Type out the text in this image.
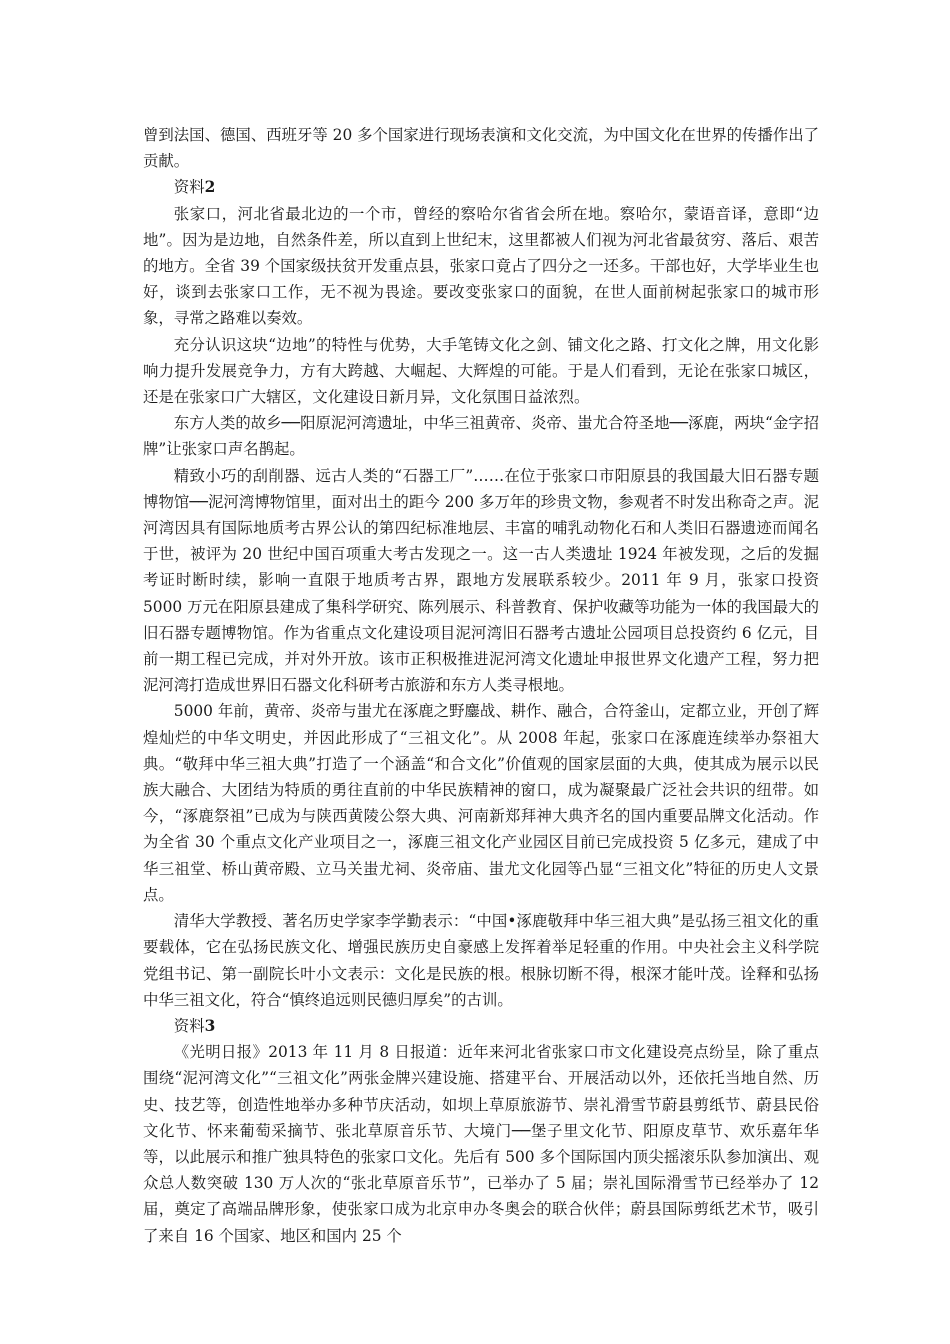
曾到法国、德国、西班牙等 20 多个国家进行现场表演和文化交流，为中国文化在世界的传播作出了贡献。

资料2

张家口，河北省最北边的一个市，曾经的察哈尔省省会所在地。察哈尔，蒙语音译，意即“边地”。因为是边地，自然条件差，所以直到上世纪末，这里都被人们视为河北省最贫穷、落后、艰苦的地方。全省 39 个国家级扶贫开发重点县，张家口竟占了四分之一还多。干部也好，大学毕业生也好，谈到去张家口工作，无不视为畏途。要改变张家口的面貌，在世人面前树起张家口的城市形象，寻常之路难以奏效。

充分认识这块“边地”的特性与优势，大手笔铸文化之剑、铺文化之路、打文化之牌，用文化影响力提升发展竞争力，方有大跨越、大崛起、大辉煌的可能。于是人们看到，无论在张家口城区，还是在张家口广大辖区，文化建设日新月异，文化氛围日益浓烈。

东方人类的故乡──阳原泥河湾遗址，中华三祖黄帝、炎帝、蚩尤合符圣地──涿鹿，两块“金字招牌”让张家口声名鹊起。

精致小巧的刮削器、远古人类的“石器工厂”……在位于张家口市阳原县的我国最大旧石器专题博物馆──泥河湾博物馆里，面对出土的距今 200 多万年的珍贵文物，参观者不时发出称奇之声。泥河湾因具有国际地质考古界公认的第四纪标准地层、丰富的哺乳动物化石和人类旧石器遗迹而闻名于世，被评为 20 世纪中国百项重大考古发现之一。这一古人类遗址 1924 年被发现，之后的发掘考证时断时续，影响一直限于地质考古界，跟地方发展联系较少。2011 年 9 月，张家口投资 5000 万元在阳原县建成了集科学研究、陈列展示、科普教育、保护收藏等功能为一体的我国最大的旧石器专题博物馆。作为省重点文化建设项目泥河湾旧石器考古遗址公园项目总投资约 6 亿元，目前一期工程已完成，并对外开放。该市正积极推进泥河湾文化遗址申报世界文化遗产工程，努力把泥河湾打造成世界旧石器文化科研考古旅游和东方人类寻根地。

5000 年前，黄帝、炎帝与蚩尤在涿鹿之野鏖战、耕作、融合，合符釜山，定都立业，开创了辉煌灿烂的中华文明史，并因此形成了“三祖文化”。从 2008 年起，张家口在涿鹿连续举办祭祖大典。“敬拜中华三祖大典”打造了一个涵盖“和合文化”价值观的国家层面的大典，使其成为展示以民族大融合、大团结为特质的勇往直前的中华民族精神的窗口，成为凝聚最广泛社会共识的纽带。如今，“涿鹿祭祖”已成为与陕西黄陵公祭大典、河南新郑拜神大典齐名的国内重要品牌文化活动。作为全省 30 个重点文化产业项目之一，涿鹿三祖文化产业园区目前已完成投资 5 亿多元，建成了中华三祖堂、桥山黄帝殿、立马关蚩尤祠、炎帝庙、蚩尤文化园等凸显“三祖文化”特征的历史人文景点。

清华大学教授、著名历史学家李学勤表示：“中国•涿鹿敬拜中华三祖大典”是弘扬三祖文化的重要载体，它在弘扬民族文化、增强民族历史自豪感上发挥着举足轻重的作用。中央社会主义科学院党组书记、第一副院长叶小文表示：文化是民族的根。根脉切断不得，根深才能叶茂。诠释和弘扬中华三祖文化，符合“慎终追远则民德归厚矣”的古训。

资料3

《光明日报》2013 年 11 月 8 日报道：近年来河北省张家口市文化建设亮点纷呈，除了重点围绕“泥河湾文化”“三祖文化”两张金牌兴建设施、搭建平台、开展活动以外，还依托当地自然、历史、技艺等，创造性地举办多种节庆活动，如坝上草原旅游节、崇礼滑雪节蔚县剪纸节、蔚县民俗文化节、怀来葡萄采摘节、张北草原音乐节、大境门──堡子里文化节、阳原皮草节、欢乐嘉年华等，以此展示和推广独具特色的张家口文化。先后有 500 多个国际国内顶尖摇滚乐队参加演出、观众总人数突破 130 万人次的“张北草原音乐节”，已举办了 5 届；崇礼国际滑雪节已经举办了 12 届，奠定了高端品牌形象，使张家口成为北京申办冬奥会的联合伙伴；蔚县国际剪纸艺术节，吸引了来自 16 个国家、地区和国内 25 个
